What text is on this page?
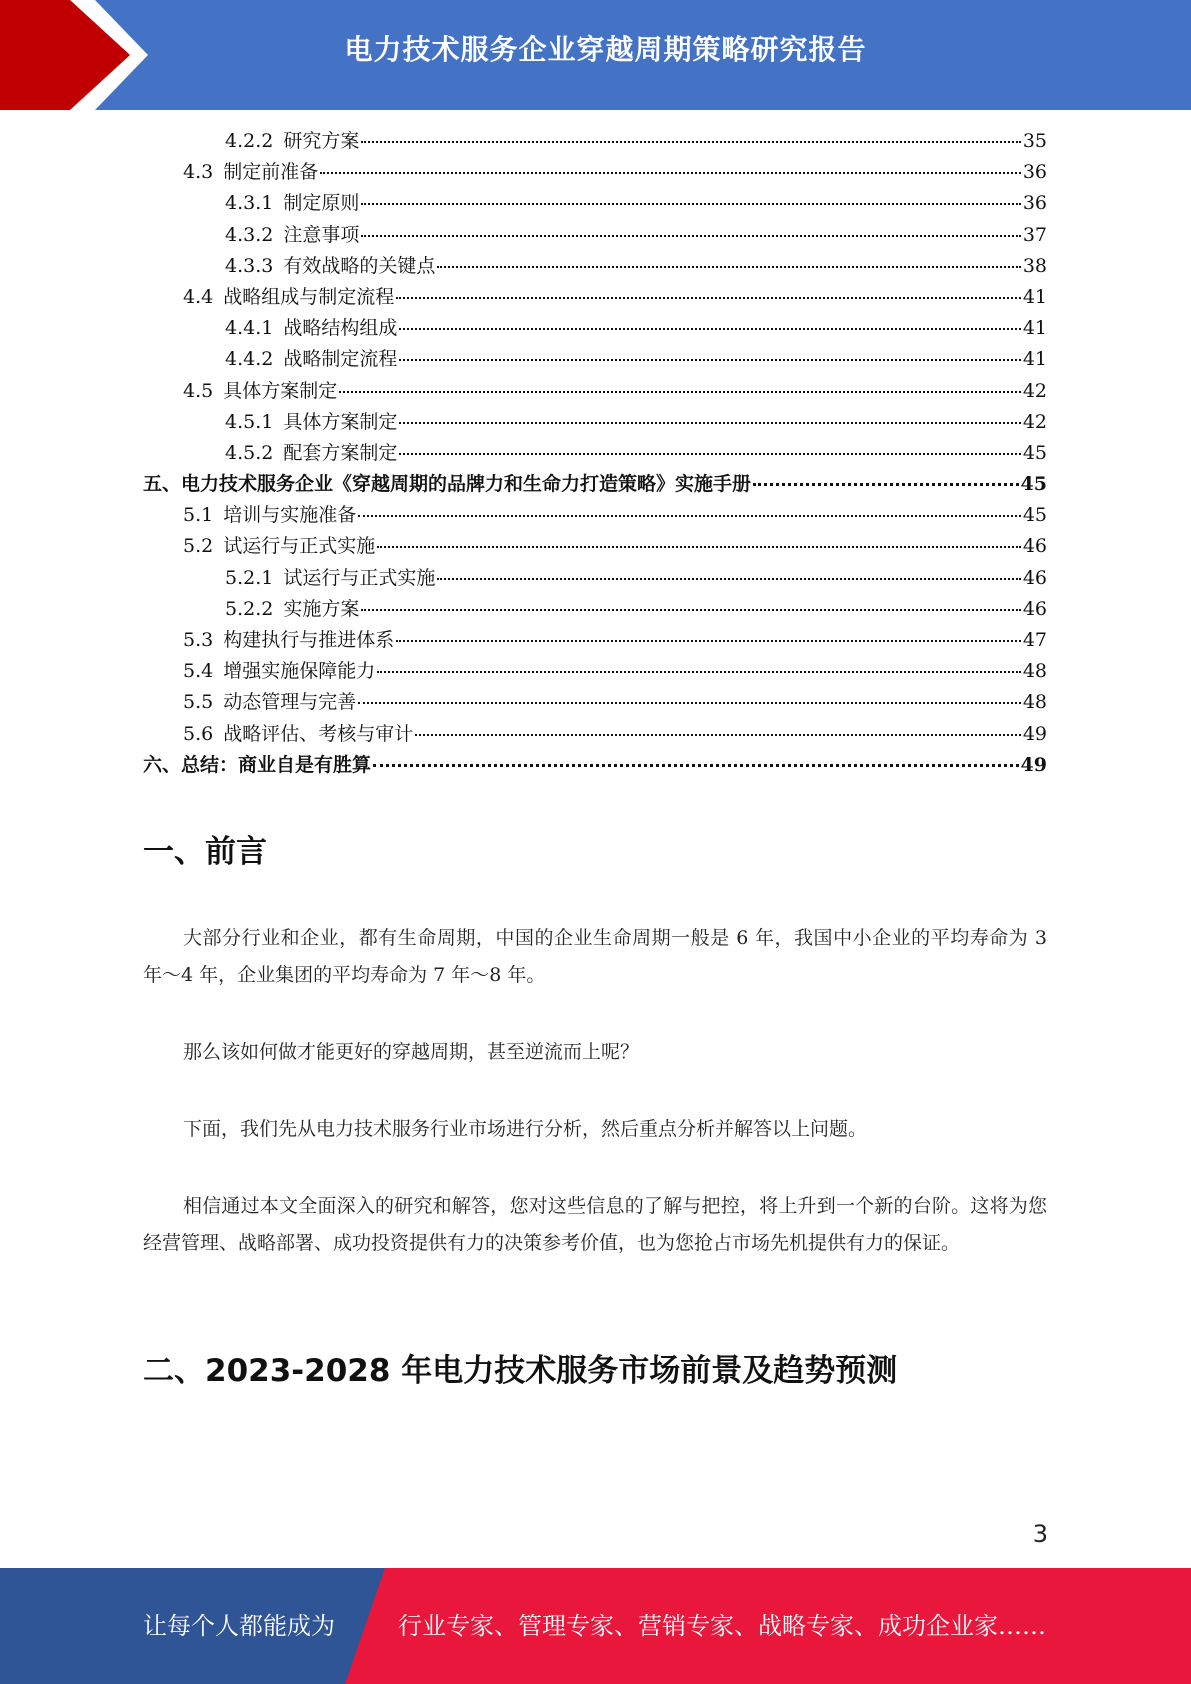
电力技术服务企业穿越周期策略研究报告
4.2.2 研究方案	35
4.3 制定前准备	36
4.3.1 制定原则	36
4.3.2 注意事项	37
4.3.3 有效战略的关键点	38
4.4 战略组成与制定流程	41
4.4.1 战略结构组成	41
4.4.2 战略制定流程	41
4.5 具体方案制定	42
4.5.1 具体方案制定	42
4.5.2 配套方案制定	45
五、电力技术服务企业《穿越周期的品牌力和生命力打造策略》实施手册	45
5.1 培训与实施准备	45
5.2 试运行与正式实施	46
5.2.1 试运行与正式实施	46
5.2.2 实施方案	46
5.3 构建执行与推进体系	47
5.4 增强实施保障能力	48
5.5 动态管理与完善	48
5.6 战略评估、考核与审计	49
六、总结：商业自是有胜算	49
一、前言
大部分行业和企业，都有生命周期，中国的企业生命周期一般是 6 年，我国中小企业的平均寿命为 3 年～4 年，企业集团的平均寿命为 7 年～8 年。
那么该如何做才能更好的穿越周期，甚至逆流而上呢？
下面，我们先从电力技术服务行业市场进行分析，然后重点分析并解答以上问题。
相信通过本文全面深入的研究和解答，您对这些信息的了解与把控，将上升到一个新的台阶。这将为您经营管理、战略部署、成功投资提供有力的决策参考价值，也为您抢占市场先机提供有力的保证。
二、2023-2028 年电力技术服务市场前景及趋势预测
3
让每个人都能成为	行业专家、管理专家、营销专家、战略专家、成功企业家……
